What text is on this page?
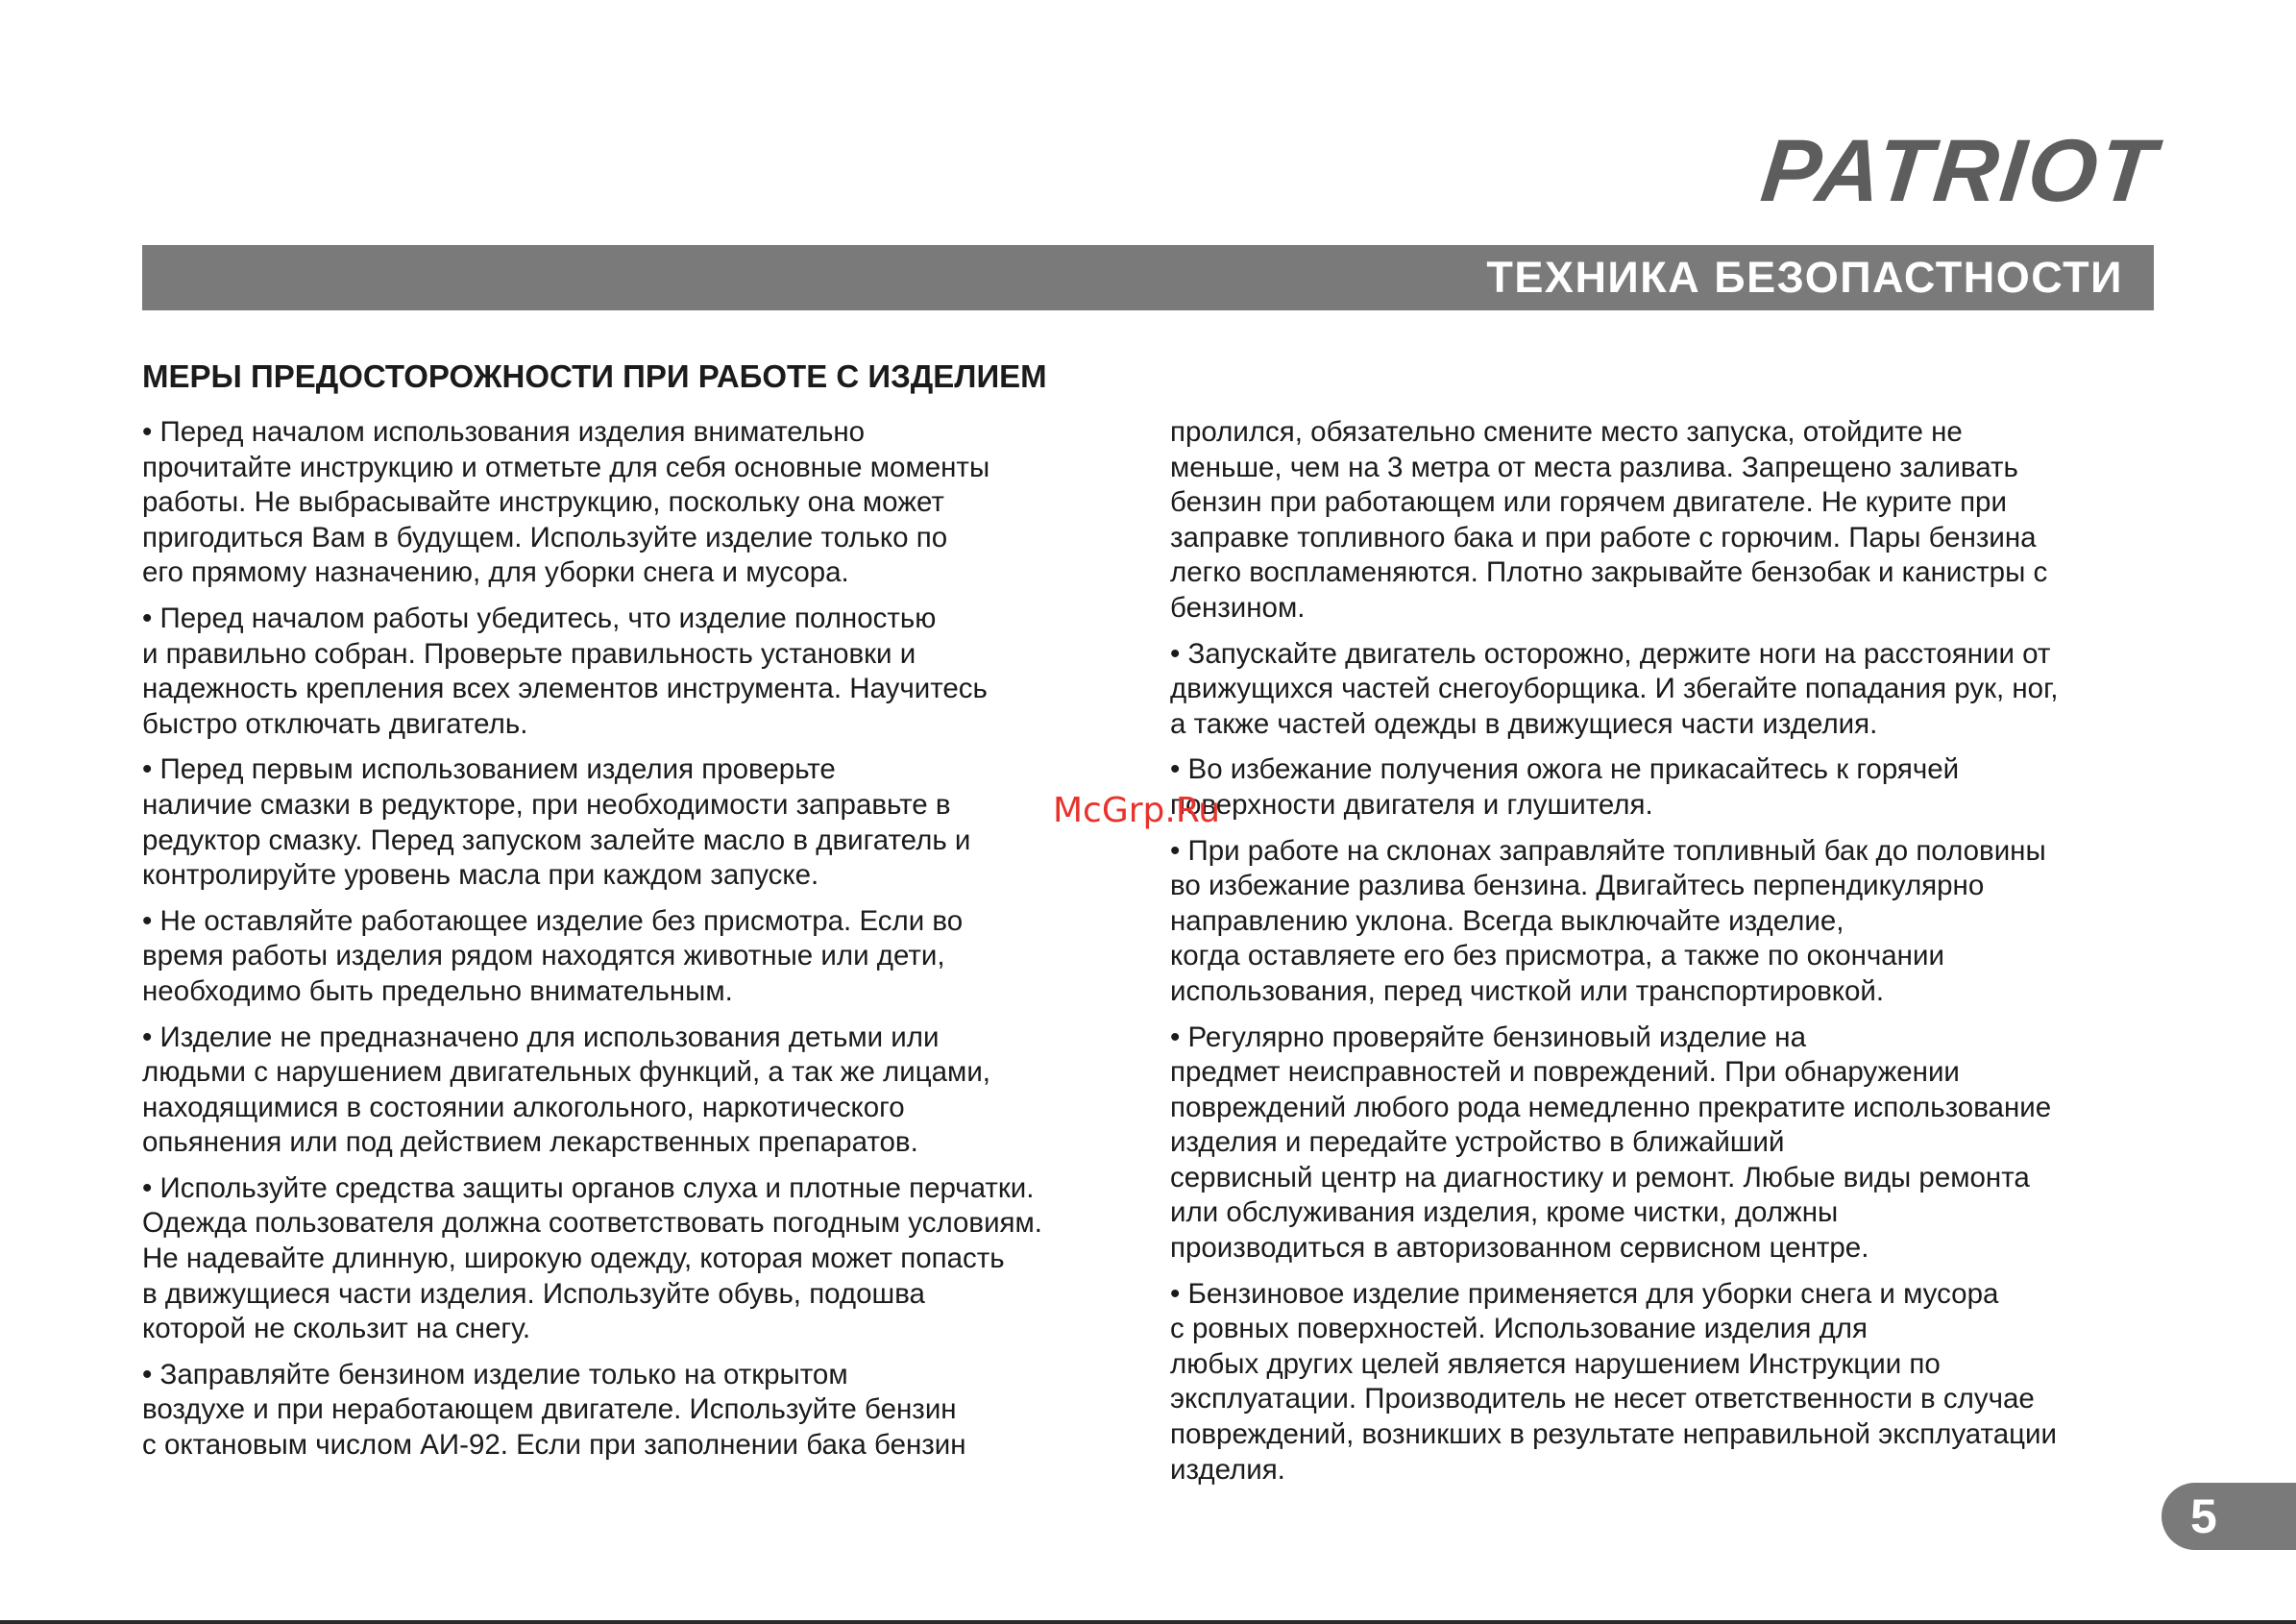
PATRIOT
ТЕХНИКА БЕЗОПАСТНОСТИ
МЕРЫ ПРЕДОСТОРОЖНОСТИ ПРИ РАБОТЕ С ИЗДЕЛИЕМ

• Перед началом использования изделия внимательно
прочитайте инструкцию и отметьте для себя основные моменты
работы. Не выбрасывайте инструкцию, поскольку она может
пригодиться Вам в будущем. Используйте изделие только по
его прямому назначению, для уборки снега и мусора.

• Перед началом работы убедитесь, что изделие полностью
и правильно собран. Проверьте правильность установки и
надежность крепления всех элементов инструмента. Научитесь
быстро отключать двигатель.

• Перед первым использованием изделия проверьте
наличие смазки в редукторе, при необходимости заправьте в
редуктор смазку. Перед запуском залейте масло в двигатель и
контролируйте уровень масла при каждом запуске.

• Не оставляйте работающее изделие без присмотра. Если во
время работы изделия рядом находятся животные или дети,
необходимо быть предельно внимательным.

• Изделие не предназначено для использования детьми или
людьми с нарушением двигательных функций, а так же лицами,
находящимися в состоянии алкогольного, наркотического
опьянения или под действием лекарственных препаратов.

• Используйте средства защиты органов слуха и плотные перчатки.
Одежда пользователя должна соответствовать погодным условиям.
Не надевайте длинную, широкую одежду, которая может попасть
в движущиеся части изделия. Используйте обувь, подошва
которой не скользит на снегу.

• Заправляйте бензином изделие только на открытом
воздухе и при неработающем двигателе. Используйте бензин
с октановым числом АИ-92. Если при заполнении бака бензин

пролился, обязательно смените место запуска, отойдите не
меньше, чем на 3 метра от места разлива. Запрещено заливать
бензин при работающем или горячем двигателе. Не курите при
заправке топливного бака и при работе с горючим. Пары бензина
легко воспламеняются. Плотно закрывайте бензобак и канистры с
бензином.

• Запускайте двигатель осторожно, держите ноги на расстоянии от
движущихся частей снегоуборщика. И збегайте попадания рук, ног,
а также частей одежды в движущиеся части изделия.

• Во избежание получения ожога не прикасайтесь к горячей
поверхности двигателя и глушителя.

• При работе на склонах заправляйте топливный бак до половины
во избежание разлива бензина. Двигайтесь перпендикулярно
направлению уклона. Всегда выключайте изделие,
когда оставляете его без присмотра, а также по окончании
использования, перед чисткой или транспортировкой.

• Регулярно проверяйте бензиновый изделие на
предмет неисправностей и повреждений. При обнаружении
повреждений любого рода немедленно прекратите использование
изделия и передайте устройство в ближайший
сервисный центр на диагностику и ремонт. Любые виды ремонта
или обслуживания изделия, кроме чистки, должны
производиться в авторизованном сервисном центре.

• Бензиновое изделие применяется для уборки снега и мусора
с ровных поверхностей. Использование изделия для
любых других целей является нарушением Инструкции по
эксплуатации. Производитель не несет ответственности в случае
повреждений, возникших в результате неправильной эксплуатации
изделия.

McGrp.Ru
5
